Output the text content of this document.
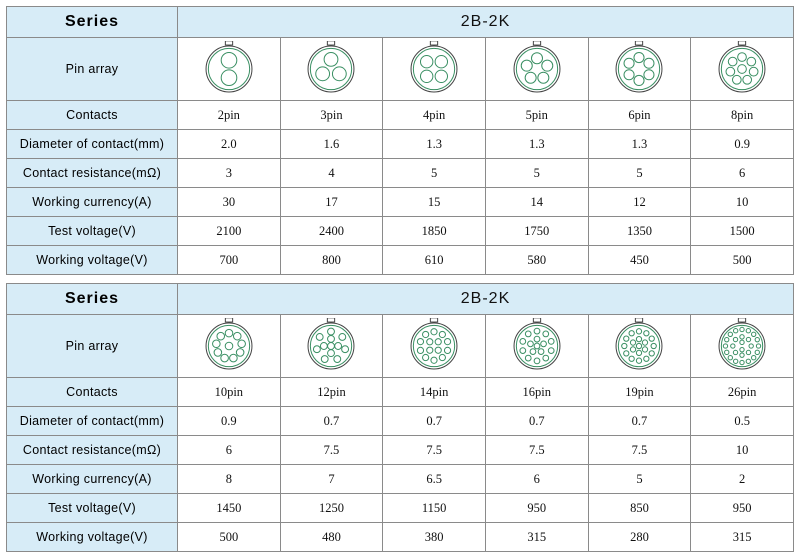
Series	2B-2K					
Pin array	

Contacts	2pin	3pin	4pin	5pin	6pin	8pin
Diameter of contact(mm)	2.0	1.6	1.3	1.3	1.3	0.9
Contact resistance(mΩ)	3	4	5	5	5	6
Working currency(A)	30	17	15	14	12	10
Test voltage(V)	2100	2400	1850	1750	1350	1500
Working voltage(V)	700	800	610	580	450	500
Series	2B-2K					
Pin array	

Contacts	10pin	12pin	14pin	16pin	19pin	26pin
Diameter of contact(mm)	0.9	0.7	0.7	0.7	0.7	0.5
Contact resistance(mΩ)	6	7.5	7.5	7.5	7.5	10
Working currency(A)	8	7	6.5	6	5	2
Test voltage(V)	1450	1250	1150	950	850	950
Working voltage(V)	500	480	380	315	280	315
